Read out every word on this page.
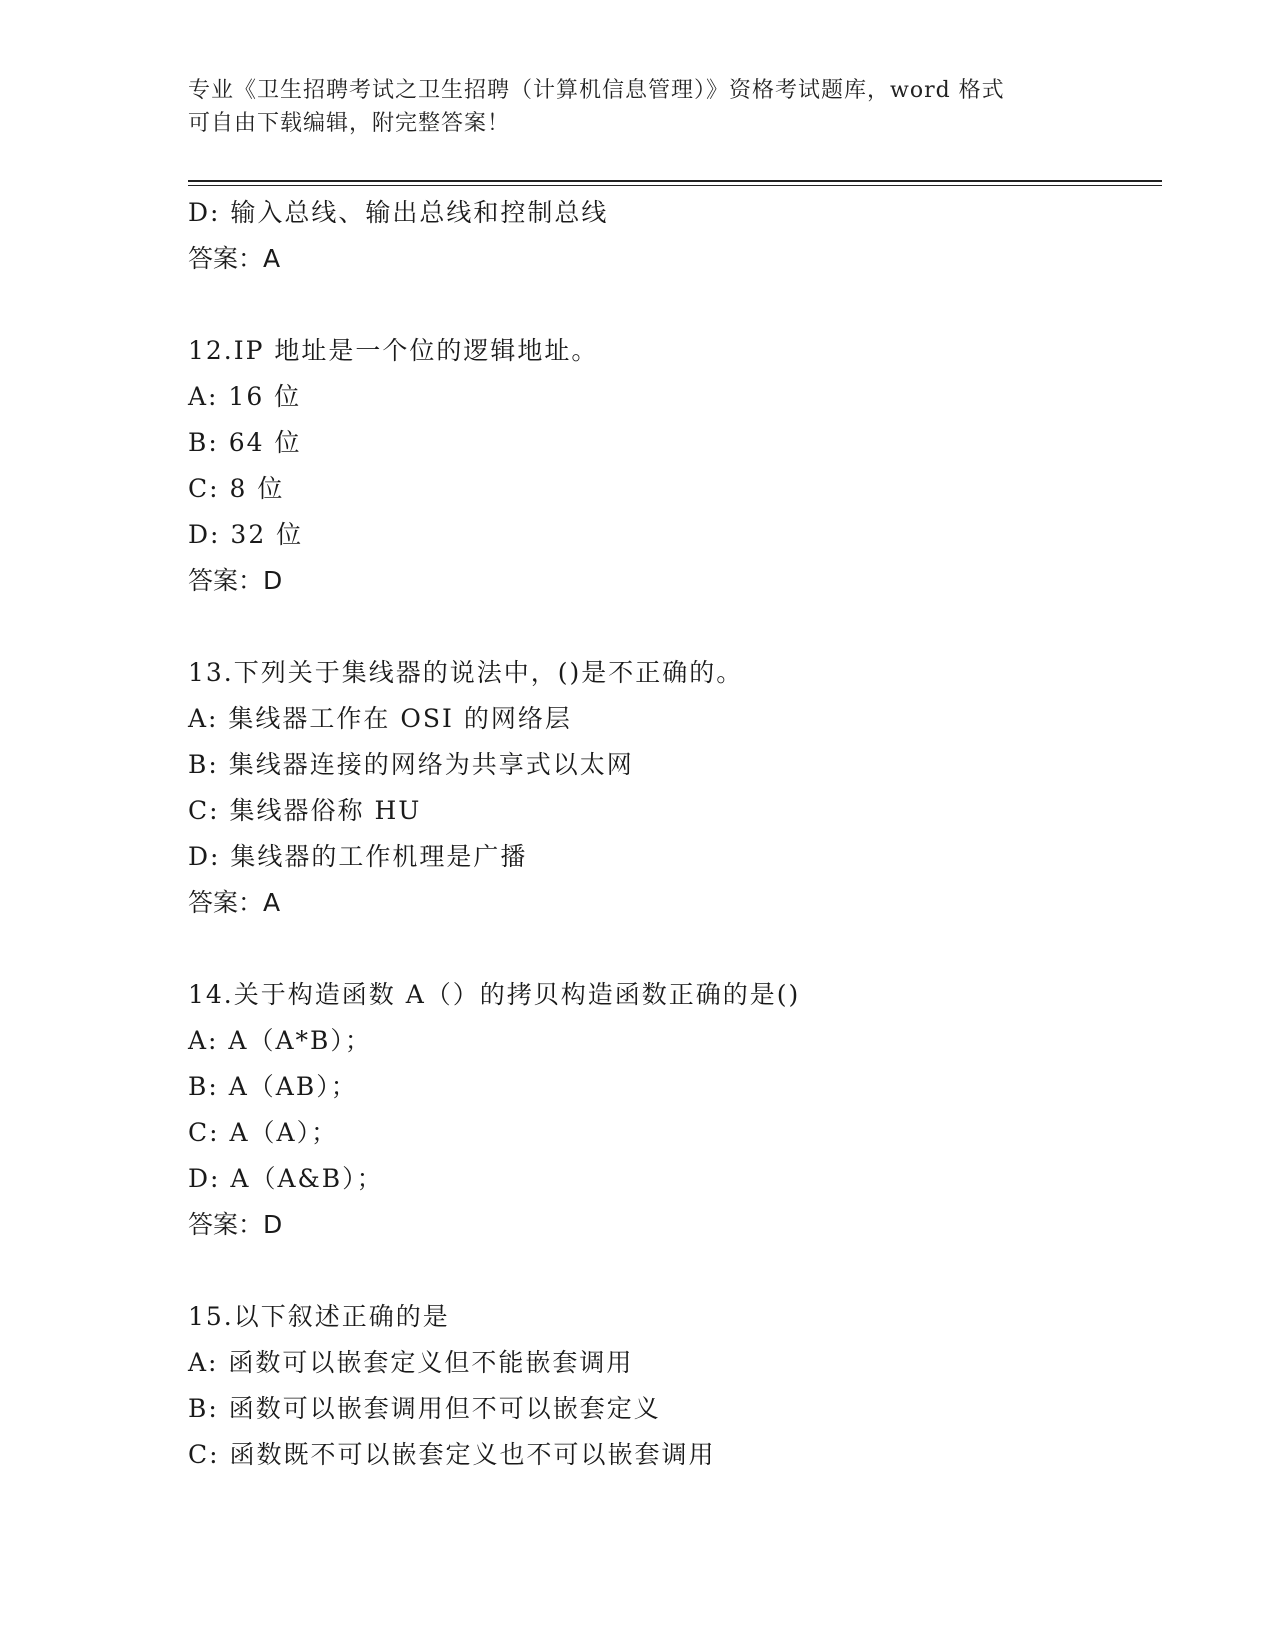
专业《卫生招聘考试之卫生招聘（计算机信息管理）》资格考试题库，word 格式
可自由下载编辑，附完整答案！
D: 输入总线、输出总线和控制总线
答案：A
12.IP 地址是一个位的逻辑地址。
A: 16 位
B: 64 位
C: 8 位
D: 32 位
答案：D
13.下列关于集线器的说法中，()是不正确的。
A: 集线器工作在 OSI 的网络层
B: 集线器连接的网络为共享式以太网
C: 集线器俗称 HU
D: 集线器的工作机理是广播
答案：A
14.关于构造函数 A（）的拷贝构造函数正确的是()
A: A（A*B）；
B: A（AB）；
C: A（A）；
D: A（A&B）；
答案：D
15.以下叙述正确的是
A: 函数可以嵌套定义但不能嵌套调用
B: 函数可以嵌套调用但不可以嵌套定义
C: 函数既不可以嵌套定义也不可以嵌套调用
